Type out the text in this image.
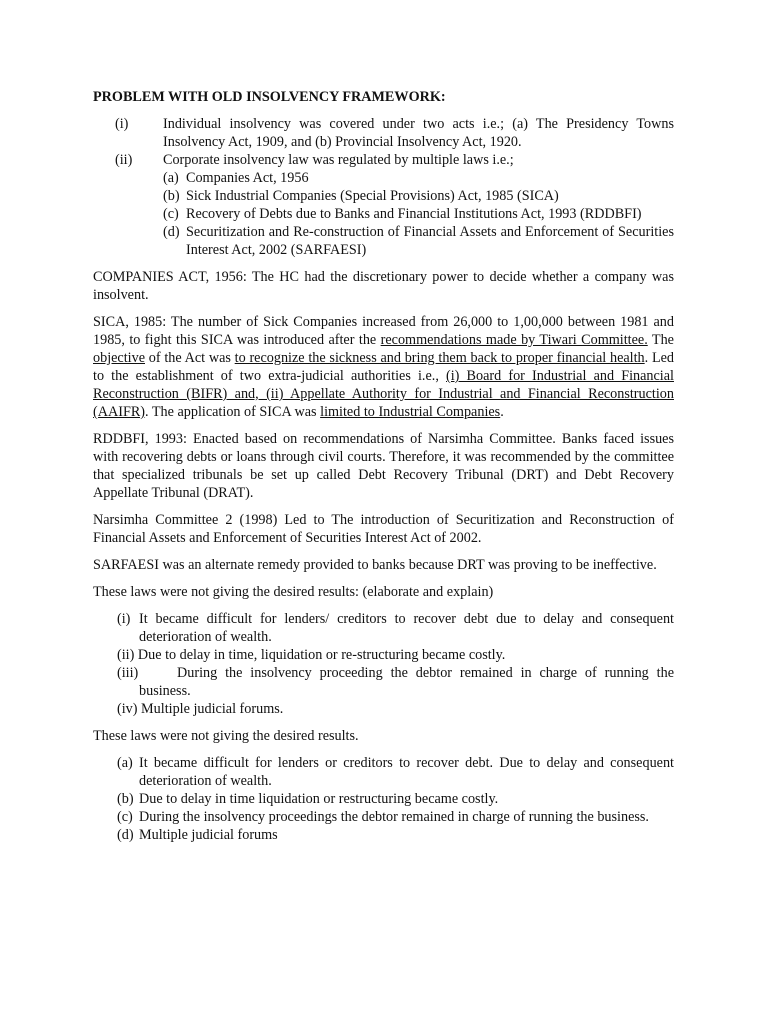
PROBLEM WITH OLD INSOLVENCY FRAMEWORK:

(i) Individual insolvency was covered under two acts i.e.; (a) The Presidency Towns Insolvency Act, 1909, and (b) Provincial Insolvency Act, 1920.
(ii) Corporate insolvency law was regulated by multiple laws i.e.;
(a) Companies Act, 1956
(b) Sick Industrial Companies (Special Provisions) Act, 1985 (SICA)
(c) Recovery of Debts due to Banks and Financial Institutions Act, 1993 (RDDBFI)
(d) Securitization and Re-construction of Financial Assets and Enforcement of Securities Interest Act, 2002 (SARFAESI)

COMPANIES ACT, 1956: The HC had the discretionary power to decide whether a company was insolvent.

SICA, 1985: The number of Sick Companies increased from 26,000 to 1,00,000 between 1981 and 1985, to fight this SICA was introduced after the recommendations made by Tiwari Committee. The objective of the Act was to recognize the sickness and bring them back to proper financial health. Led to the establishment of two extra-judicial authorities i.e., (i) Board for Industrial and Financial Reconstruction (BIFR) and, (ii) Appellate Authority for Industrial and Financial Reconstruction (AAIFR). The application of SICA was limited to Industrial Companies.

RDDBFI, 1993: Enacted based on recommendations of Narsimha Committee. Banks faced issues with recovering debts or loans through civil courts. Therefore, it was recommended by the committee that specialized tribunals be set up called Debt Recovery Tribunal (DRT) and Debt Recovery Appellate Tribunal (DRAT).

Narsimha Committee 2 (1998) Led to The introduction of Securitization and Reconstruction of Financial Assets and Enforcement of Securities Interest Act of 2002.

SARFAESI was an alternate remedy provided to banks because DRT was proving to be ineffective.

These laws were not giving the desired results: (elaborate and explain)

(i) It became difficult for lenders/ creditors to recover debt due to delay and consequent deterioration of wealth.
(ii) Due to delay in time, liquidation or re-structuring became costly.
(iii)	During the insolvency proceeding the debtor remained in charge of running the business.
(iv) Multiple judicial forums.

These laws were not giving the desired results.

(a) It became difficult for lenders or creditors to recover debt. Due to delay and consequent deterioration of wealth.
(b) Due to delay in time liquidation or restructuring became costly.
(c) During the insolvency proceedings the debtor remained in charge of running the business.
(d) Multiple judicial forums
